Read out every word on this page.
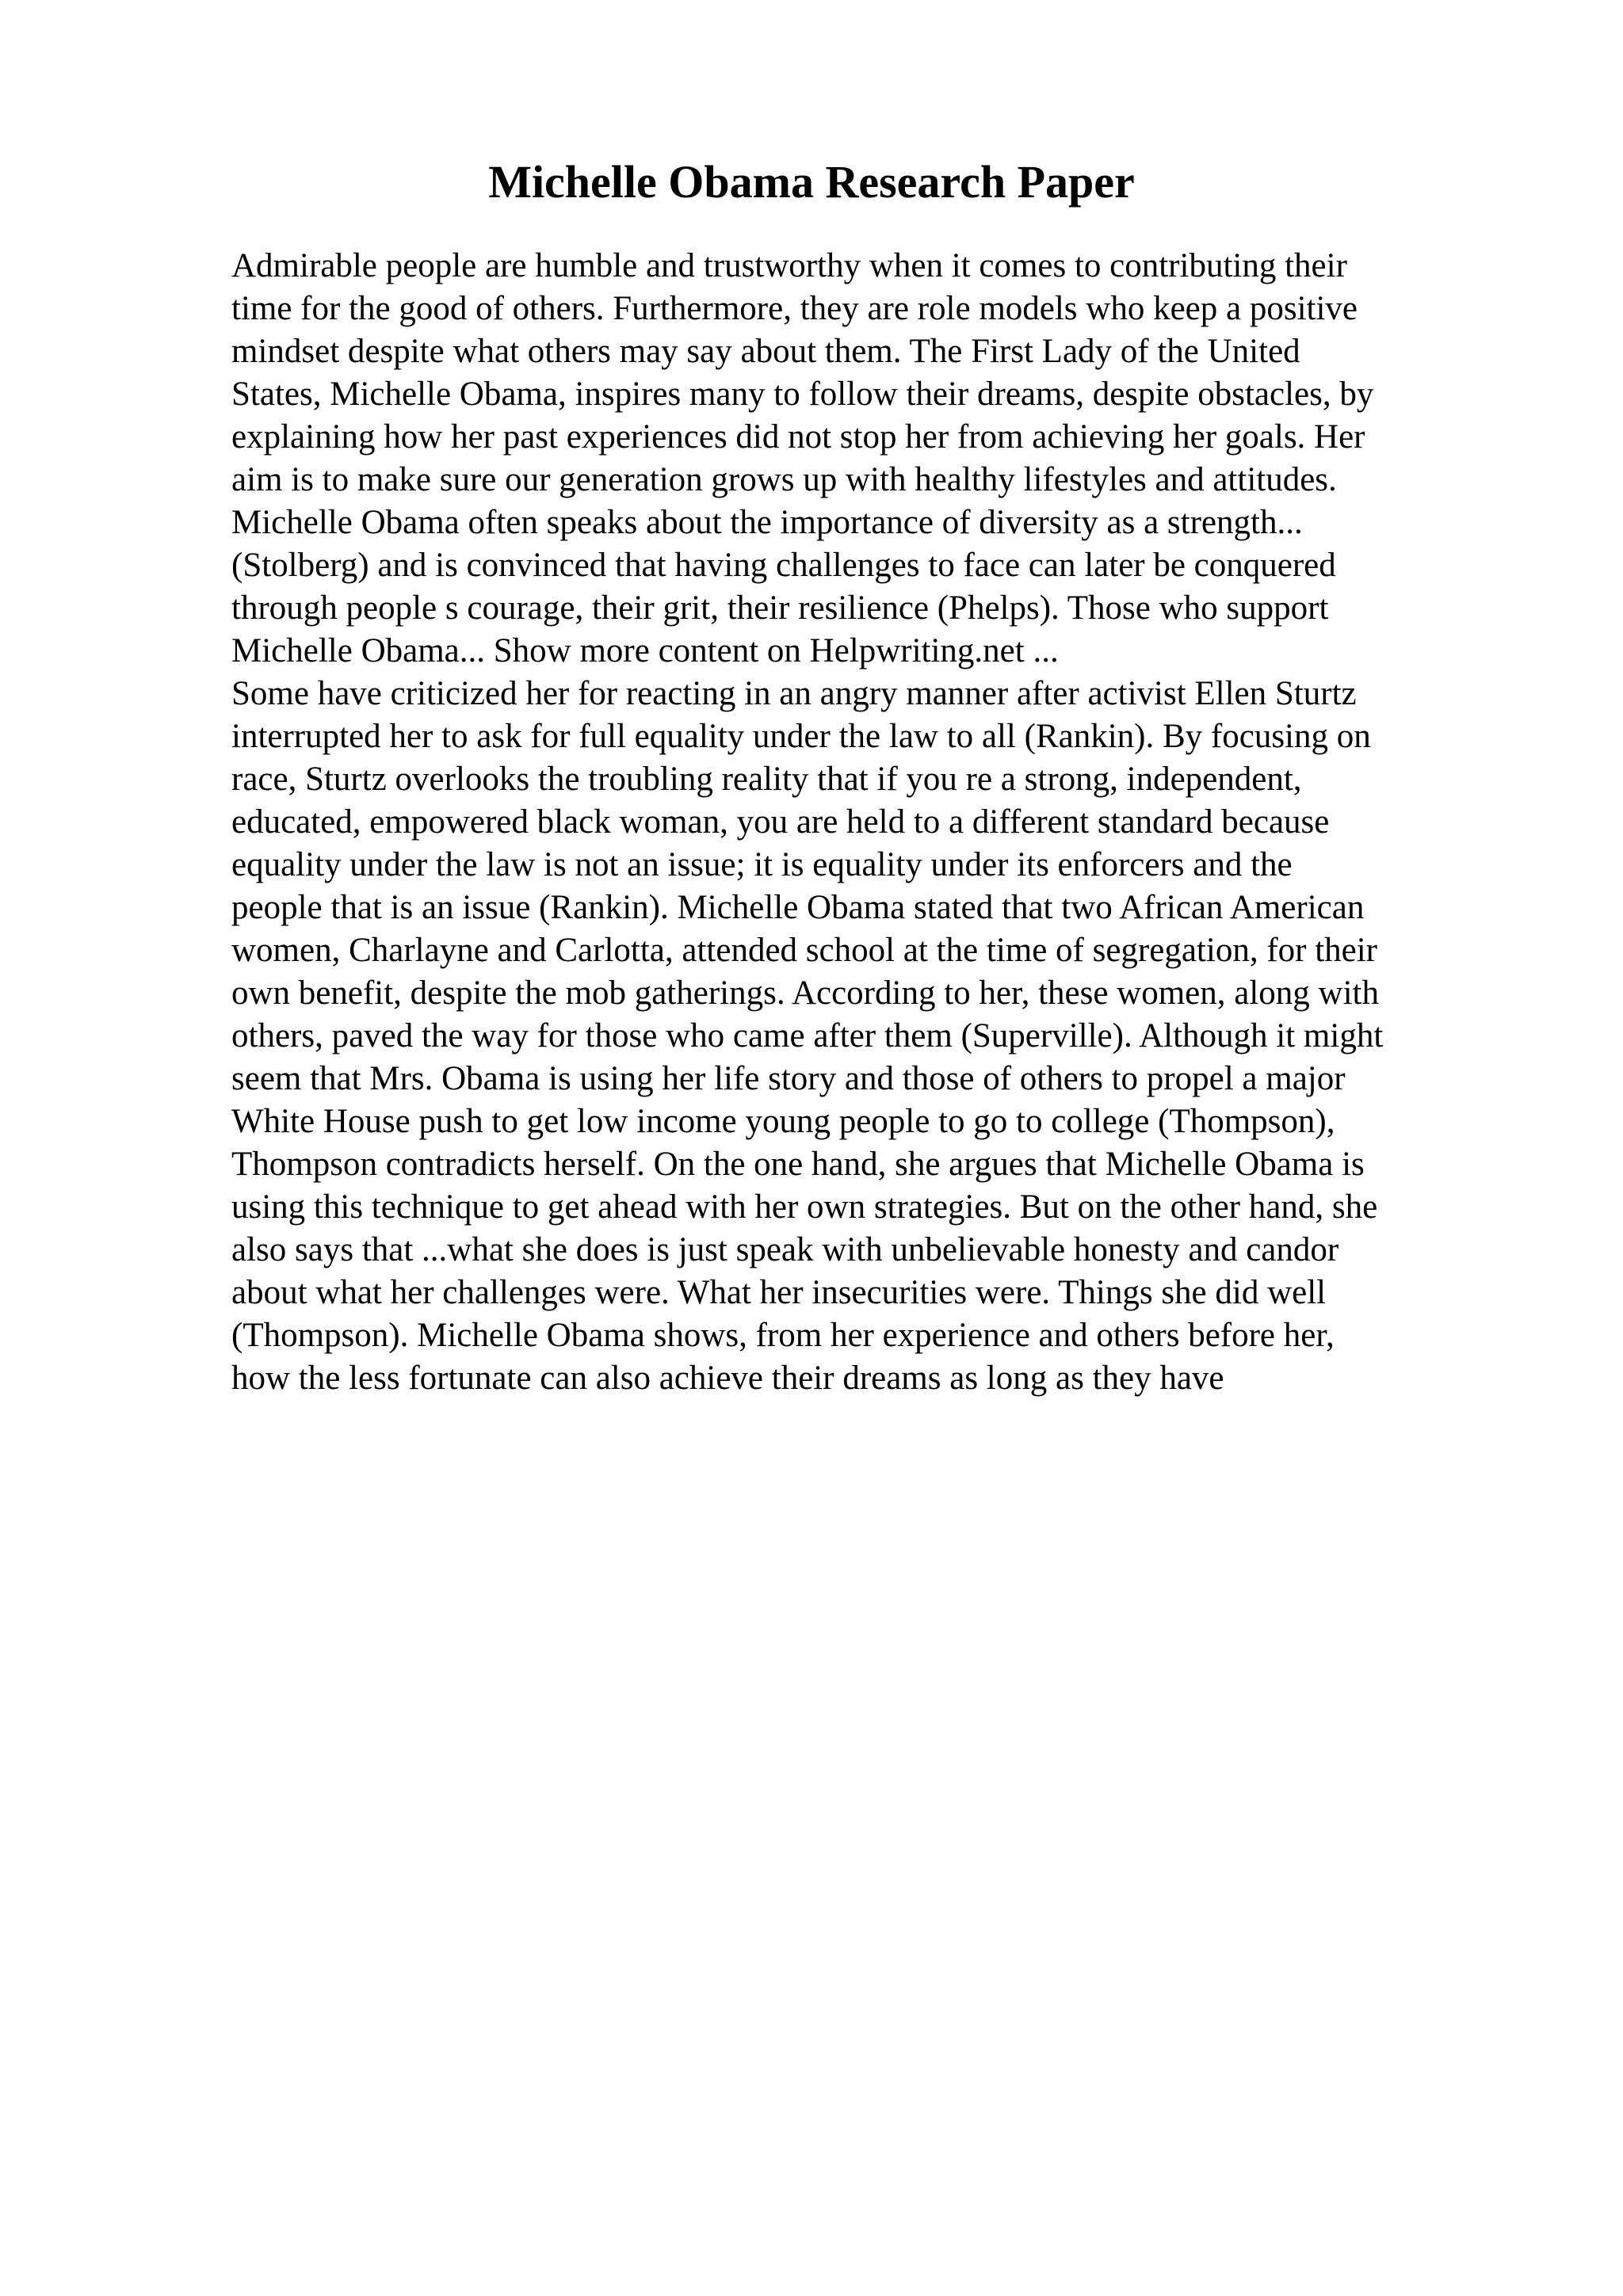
Michelle Obama Research Paper
Admirable people are humble and trustworthy when it comes to contributing their
time for the good of others. Furthermore, they are role models who keep a positive
mindset despite what others may say about them. The First Lady of the United
States, Michelle Obama, inspires many to follow their dreams, despite obstacles, by
explaining how her past experiences did not stop her from achieving her goals. Her
aim is to make sure our generation grows up with healthy lifestyles and attitudes.
Michelle Obama often speaks about the importance of diversity as a strength...
(Stolberg) and is convinced that having challenges to face can later be conquered
through people s courage, their grit, their resilience (Phelps). Those who support
Michelle Obama... Show more content on Helpwriting.net ...
Some have criticized her for reacting in an angry manner after activist Ellen Sturtz
interrupted her to ask for full equality under the law to all (Rankin). By focusing on
race, Sturtz overlooks the troubling reality that if you re a strong, independent,
educated, empowered black woman, you are held to a different standard because
equality under the law is not an issue; it is equality under its enforcers and the
people that is an issue (Rankin). Michelle Obama stated that two African American
women, Charlayne and Carlotta, attended school at the time of segregation, for their
own benefit, despite the mob gatherings. According to her, these women, along with
others, paved the way for those who came after them (Superville). Although it might
seem that Mrs. Obama is using her life story and those of others to propel a major
White House push to get low income young people to go to college (Thompson),
Thompson contradicts herself. On the one hand, she argues that Michelle Obama is
using this technique to get ahead with her own strategies. But on the other hand, she
also says that ...what she does is just speak with unbelievable honesty and candor
about what her challenges were. What her insecurities were. Things she did well
(Thompson). Michelle Obama shows, from her experience and others before her,
how the less fortunate can also achieve their dreams as long as they have
